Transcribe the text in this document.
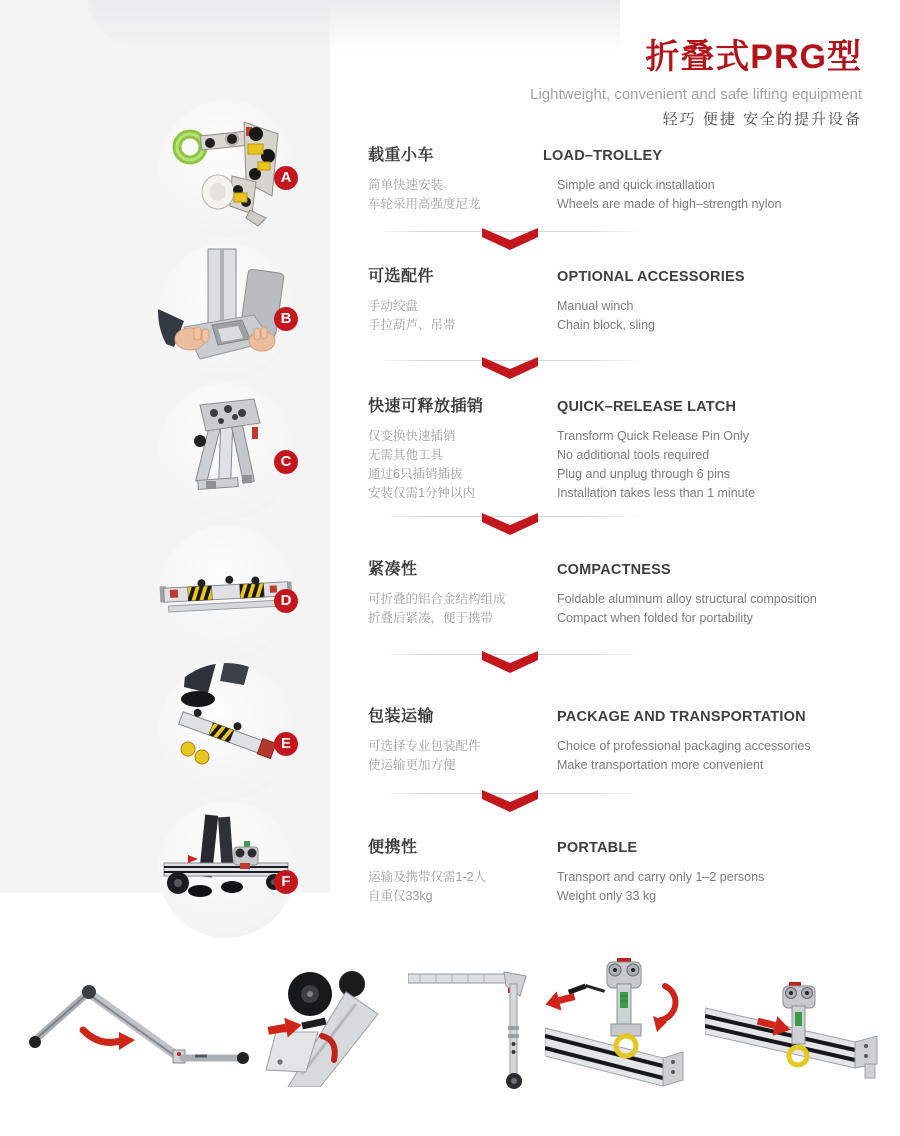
折叠式PRG型
Lightweight, convenient and safe lifting equipment
轻巧 便捷 安全的提升设备
A
载重小车
简单快速安装
车轮采用高强度尼龙
LOAD–TROLLEY
Simple and quick installation
Wheels are made of high–strength nylon
B
可选配件
手动绞盘
手拉葫芦、吊带
OPTIONAL ACCESSORIES
Manual winch
Chain block, sling
C
快速可释放插销
仅变换快速插销
无需其他工具
通过6只插销插拔
安装仅需1分钟以内
QUICK–RELEASE LATCH
Transform Quick Release Pin Only
No additional tools required
Plug and unplug through 6 pins
Installation takes less than 1 minute
D
紧凑性
可折叠的铝合金结构组成
折叠后紧凑，便于携带
COMPACTNESS
Foldable aluminum alloy structural composition
Compact when folded for portability
E
包装运输
可选择专业包装配件
使运输更加方便
PACKAGE AND TRANSPORTATION
Choice of professional packaging accessories
Make transportation more convenient
F
便携性
运输及携带仅需1-2人
自重仅33kg
PORTABLE
Transport and carry only 1–2 persons
Weight only 33 kg
